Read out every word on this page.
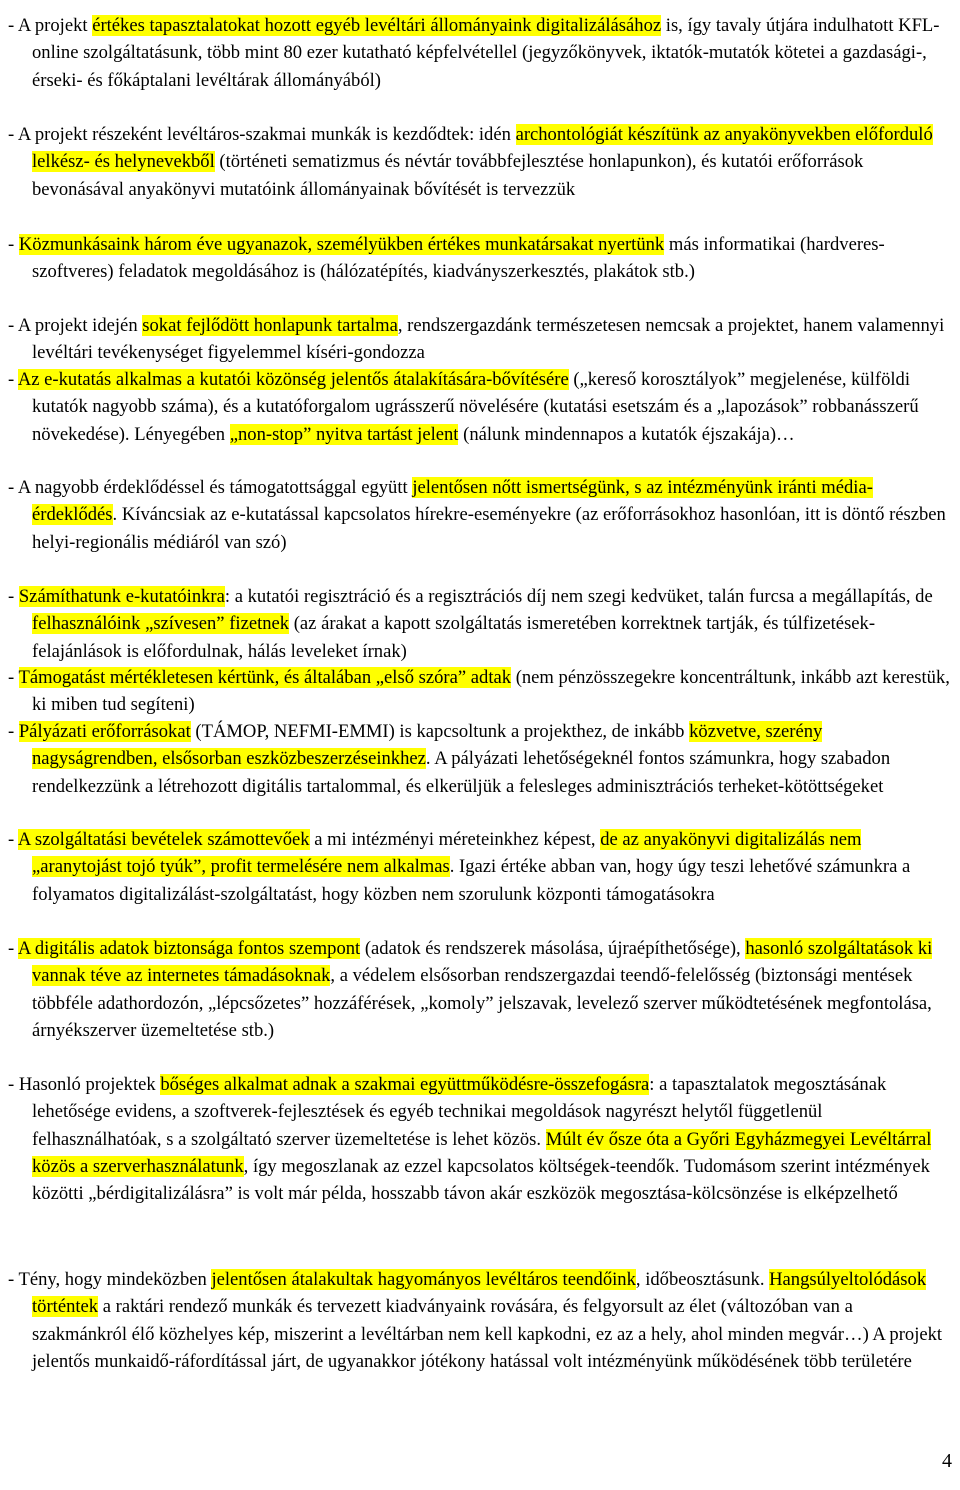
- A projekt értékes tapasztalatokat hozott egyéb levéltári állományaink digitalizálásához is, így tavaly útjára indulhatott KFL-online szolgáltatásunk, több mint 80 ezer kutatható képfelvétellel (jegyzőkönyvek, iktatók-mutatók kötetei a gazdasági-, érseki- és főkáptalani levéltárak állományából)

- A projekt részeként levéltáros-szakmai munkák is kezdődtek: idén archontológiát készítünk az anyakönyvekben előforduló lelkész- és helynevekből (történeti sematizmus és névtár továbbfejlesztése honlapunkon), és kutatói erőforrások bevonásával anyakönyvi mutatóink állományainak bővítését is tervezzük

- Közmunkásaink három éve ugyanazok, személyükben értékes munkatársakat nyertünk más informatikai (hardveres-szoftveres) feladatok megoldásához is (hálózatépítés, kiadványszerkesztés, plakátok stb.)

- A projekt idején sokat fejlődött honlapunk tartalma, rendszergazdánk természetesen nemcsak a projektet, hanem valamennyi levéltári tevékenységet figyelemmel kíséri-gondozza

- Az e-kutatás alkalmas a kutatói közönség jelentős átalakítására-bővítésére („kereső korosztályok” megjelenése, külföldi kutatók nagyobb száma), és a kutatóforgalom ugrásszerű növelésére (kutatási esetszám és a „lapozások” robbanásszerű növekedése). Lényegében „non-stop” nyitva tartást jelent (nálunk mindennapos a kutatók éjszakája)…

- A nagyobb érdeklődéssel és támogatottsággal együtt jelentősen nőtt ismertségünk, s az intézményünk iránti média-érdeklődés. Kíváncsiak az e-kutatással kapcsolatos hírekre-eseményekre (az erőforrásokhoz hasonlóan, itt is döntő részben helyi-regionális médiáról van szó)

- Számíthatunk e-kutatóinkra: a kutatói regisztráció és a regisztrációs díj nem szegi kedvüket, talán furcsa a megállapítás, de felhasználóink „szívesen” fizetnek (az árakat a kapott szolgáltatás ismeretében korrektnek tartják, és túlfizetések-felajánlások is előfordulnak, hálás leveleket írnak)

- Támogatást mértékletesen kértünk, és általában „első szóra” adtak (nem pénzösszegekre koncentráltunk, inkább azt kerestük, ki miben tud segíteni)

- Pályázati erőforrásokat (TÁMOP, NEFMI-EMMI) is kapcsoltunk a projekthez, de inkább közvetve, szerény nagyságrendben, elsősorban eszközbeszerzéseinkhez. A pályázati lehetőségeknél fontos számunkra, hogy szabadon rendelkezzünk a létrehozott digitális tartalommal, és elkerüljük a felesleges adminisztrációs terheket-kötöttségeket

- A szolgáltatási bevételek számottevőek a mi intézményi méreteinkhez képest, de az anyakönyvi digitalizálás nem „aranytojást tojó tyúk”, profit termelésére nem alkalmas. Igazi értéke abban van, hogy úgy teszi lehetővé számunkra a folyamatos digitalizálást-szolgáltatást, hogy közben nem szorulunk központi támogatásokra

- A digitális adatok biztonsága fontos szempont (adatok és rendszerek másolása, újraépíthetősége), hasonló szolgáltatások ki vannak téve az internetes támadásoknak, a védelem elsősorban rendszergazdai teendő-felelősség (biztonsági mentések többféle adathordozón, „lépcsőzetes” hozzáférések, „komoly” jelszavak, levelező szerver működtetésének megfontolása, árnyékszerver üzemeltetése stb.)

- Hasonló projektek bőséges alkalmat adnak a szakmai együttműködésre-összefogásra: a tapasztalatok megosztásának lehetősége evidens, a szoftverek-fejlesztések és egyéb technikai megoldások nagyrészt helytől függetlenül felhasználhatóak, s a szolgáltató szerver üzemeltetése is lehet közös. Múlt év ősze óta a Győri Egyházmegyei Levéltárral közös a szerverhasználatunk, így megoszlanak az ezzel kapcsolatos költségek-teendők. Tudomásom szerint intézmények közötti „bérdigitalizálásra” is volt már példa, hosszabb távon akár eszközök megosztása-kölcsönzése is elképzelhető

- Tény, hogy mindeközben jelentősen átalakultak hagyományos levéltáros teendőink, időbeosztásunk. Hangsúlyeltolódások történtek a raktári rendező munkák és tervezett kiadványaink rovására, és felgyorsult az élet (változóban van a szakmánkról élő közhelyes kép, miszerint a levéltárban nem kell kapkodni, ez az a hely, ahol minden megvár…) A projekt jelentős munkaidő-ráfordítással járt, de ugyanakkor jótékony hatással volt intézményünk működésének több területére

4
